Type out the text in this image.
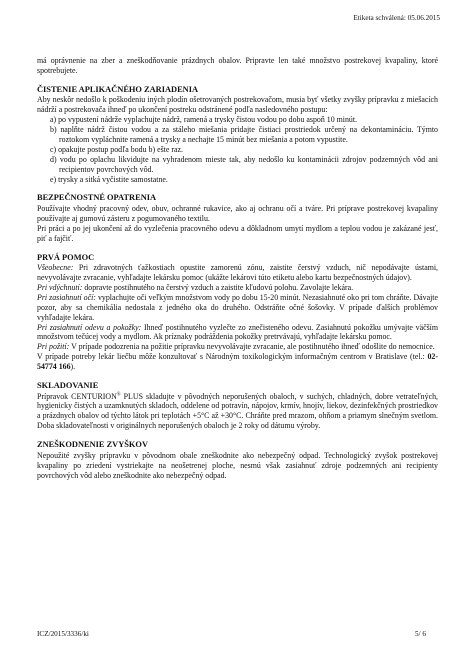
Etiketa schválená: 05.06.2015

má oprávnenie na zber a zneškodňovanie prázdnych obalov. Pripravte len také množstvo postrekovej kvapaliny, ktoré spotrebujete.

ČISTENIE APLIKAČNÉHO ZARIADENIA

Aby neskôr nedošlo k poškodeniu iných plodín ošetrovaných postrekovačom, musia byť všetky zvyšky prípravku z miešacích nádrží a postrekovača ihneď po ukončení postreku odstránené podľa nasledovného postupu:

a) po vypustení nádrže vyplachujte nádrž, ramená a trysky čistou vodou po dobu aspoň 10 minút.

b) naplňte nádrž čistou vodou a za stáleho miešania pridajte čistiaci prostriedok určený na dekontamináciu. Týmto roztokom vypláchnite ramená a trysky a nechajte 15 minút bez miešania a potom vypustite.

c) opakujte postup podľa bodu b) ešte raz.

d) vodu po oplachu likvidujte na vyhradenom mieste tak, aby nedošlo ku kontaminácii zdrojov podzemných vôd ani recipientov povrchových vôd.

e) trysky a sitká vyčistite samostatne.

BEZPEČNOSTNÉ OPATRENIA

Používajte vhodný pracovný odev, obuv, ochranné rukavice, ako aj ochranu očí a tváre. Pri príprave postrekovej kvapaliny používajte aj gumovú zásteru z pogumovaného textilu.

Pri práci a po jej ukončení až do vyzlečenia pracovného odevu a dôkladnom umytí mydlom a teplou vodou je zakázané jesť, piť a fajčiť.

PRVÁ POMOC

Všeobecne: Pri zdravotných ťažkostiach opustite zamorenú zónu, zaistite čerstvý vzduch, nič nepodávajte ústami, nevyvolávajte zvracanie, vyhľadajte lekársku pomoc (ukážte lekárovi túto etiketu alebo kartu bezpečnostných údajov).

Pri vdýchnutí: dopravte postihnutého na čerstvý vzduch a zaistite kľudovú polohu. Zavolajte lekára.

Pri zasiahnutí očí: vyplachujte oči veľkým množstvom vody po dobu 15-20 minút. Nezasiahnuté oko pri tom chráňte. Dávajte pozor, aby sa chemikália nedostala z jedného oka do druhého. Odstráňte očné šošovky. V prípade ďalších problémov vyhľadajte lekára.

Pri zasiahnutí odevu a pokožky: Ihneď postihnutého vyzlečte zo znečisteného odevu. Zasiahnutú pokožku umývajte väčším množstvom tečúcej vody a mydlom. Ak príznaky podráždenia pokožky pretrvávajú, vyhľadajte lekársku pomoc.

Pri požití: V prípade podozrenia na požitie prípravku nevyvolávajte zvracanie, ale postihnutého ihneď odošlite do nemocnice.

V prípade potreby lekár liečbu môže konzultovať s Národným toxikologickým informačným centrom v Bratislave (tel.: 02- 54774 166).

SKLADOVANIE

Prípravok CENTURION® PLUS skladujte v pôvodných neporušených obaloch, v suchých, chladných, dobre vetrateľných, hygienicky čistých a uzamknutých skladoch, oddelene od potravín, nápojov, krmív, hnojív, liekov, dezinfekčných prostriedkov a prázdnych obalov od týchto látok pri teplotách +5°C až +30°C. Chráňte pred mrazom, ohňom a priamym slnečným svetlom. Doba skladovateľnosti v originálnych neporušených obaloch je 2 roky od dátumu výroby.

ZNEŠKODNENIE ZVYŠKOV

Nepoužité zvyšky prípravku v pôvodnom obale zneškodnite ako nebezpečný odpad. Technologický zvyšok postrekovej kvapaliny po zriedení vystriekajte na neošetrenej ploche, nesmú však zasiahnuť zdroje podzemných ani recipienty povrchových vôd alebo zneškodnite ako nebezpečný odpad.

ICZ/2015/3336/ki	5/ 6
